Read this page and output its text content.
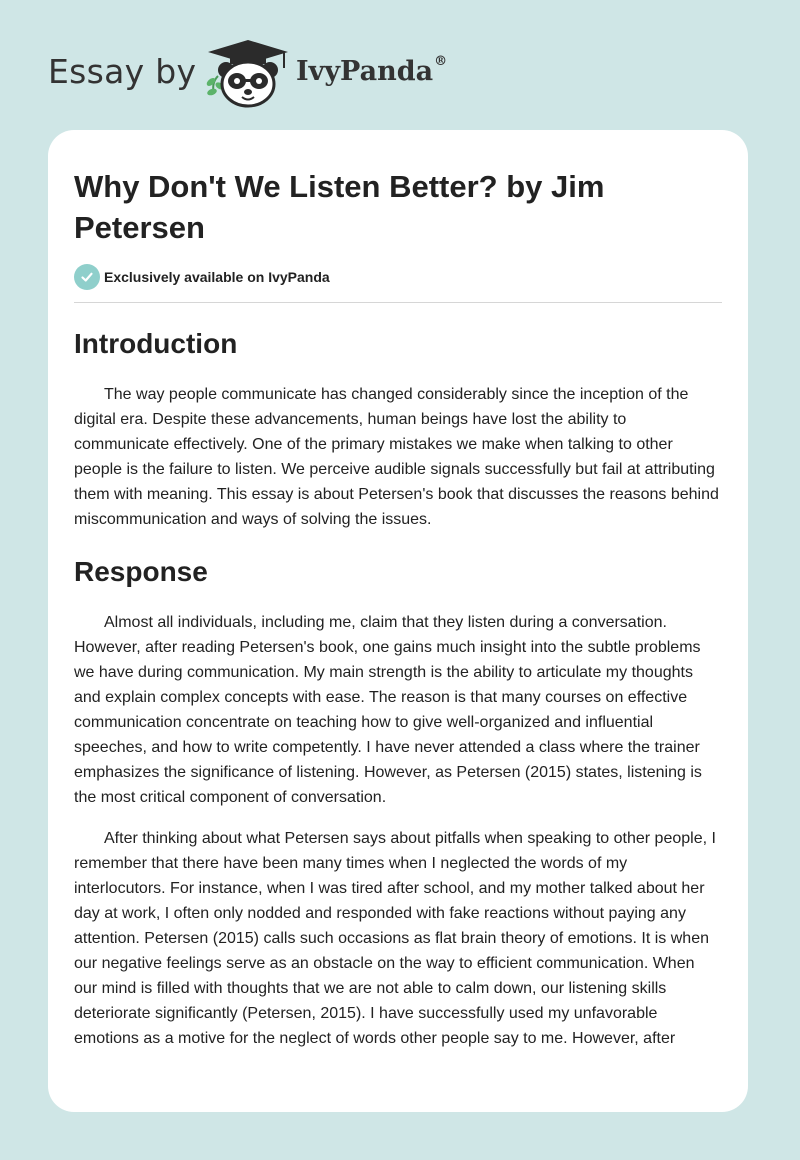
Essay by	IvyPanda®
Why Don't We Listen Better? by Jim Petersen
Exclusively available on IvyPanda
Introduction

The way people communicate has changed considerably since the inception of the digital era. Despite these advancements, human beings have lost the ability to communicate effectively. One of the primary mistakes we make when talking to other people is the failure to listen. We perceive audible signals successfully but fail at attributing them with meaning. This essay is about Petersen's book that discusses the reasons behind miscommunication and ways of solving the issues.

Response

Almost all individuals, including me, claim that they listen during a conversation. However, after reading Petersen's book, one gains much insight into the subtle problems we have during communication. My main strength is the ability to articulate my thoughts and explain complex concepts with ease. The reason is that many courses on effective communication concentrate on teaching how to give well-organized and influential speeches, and how to write competently. I have never attended a class where the trainer emphasizes the significance of listening. However, as Petersen (2015) states, listening is the most critical component of conversation.

After thinking about what Petersen says about pitfalls when speaking to other people, I remember that there have been many times when I neglected the words of my interlocutors. For instance, when I was tired after school, and my mother talked about her day at work, I often only nodded and responded with fake reactions without paying any attention. Petersen (2015) calls such occasions as flat brain theory of emotions. It is when our negative feelings serve as an obstacle on the way to efficient communication. When our mind is filled with thoughts that we are not able to calm down, our listening skills deteriorate significantly (Petersen, 2015). I have successfully used my unfavorable emotions as a motive for the neglect of words other people say to me. However, after
